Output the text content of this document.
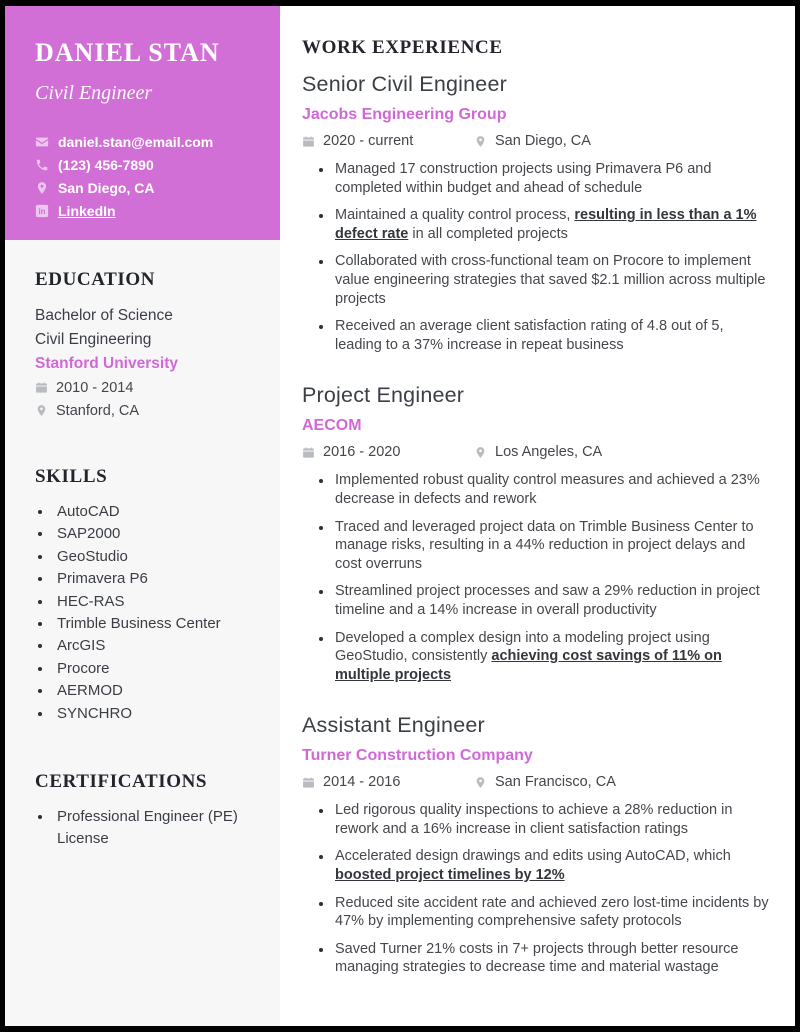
DANIEL STAN
Civil Engineer
daniel.stan@email.com
(123) 456-7890
San Diego, CA
in LinkedIn
EDUCATION
Bachelor of Science
Civil Engineering
Stanford University
2010 - 2014
Stanford, CA
SKILLS
• AutoCAD
• SAP2000
• GeoStudio
• Primavera P6
• HEC-RAS
• Trimble Business Center
• ArcGIS
• Procore
• AERMOD
• SYNCHRO
CERTIFICATIONS
• Professional Engineer (PE) License
WORK EXPERIENCE
Senior Civil Engineer
Jacobs Engineering Group
2020 - current	San Diego, CA
• Managed 17 construction projects using Primavera P6 and completed within budget and ahead of schedule
• Maintained a quality control process, resulting in less than a 1% defect rate in all completed projects
• Collaborated with cross-functional team on Procore to implement value engineering strategies that saved $2.1 million across multiple projects
• Received an average client satisfaction rating of 4.8 out of 5, leading to a 37% increase in repeat business
Project Engineer
AECOM
2016 - 2020	Los Angeles, CA
• Implemented robust quality control measures and achieved a 23% decrease in defects and rework
• Traced and leveraged project data on Trimble Business Center to manage risks, resulting in a 44% reduction in project delays and cost overruns
• Streamlined project processes and saw a 29% reduction in project timeline and a 14% increase in overall productivity
• Developed a complex design into a modeling project using GeoStudio, consistently achieving cost savings of 11% on multiple projects
Assistant Engineer
Turner Construction Company
2014 - 2016	San Francisco, CA
• Led rigorous quality inspections to achieve a 28% reduction in rework and a 16% increase in client satisfaction ratings
• Accelerated design drawings and edits using AutoCAD, which boosted project timelines by 12%
• Reduced site accident rate and achieved zero lost-time incidents by 47% by implementing comprehensive safety protocols
• Saved Turner 21% costs in 7+ projects through better resource managing strategies to decrease time and material wastage
